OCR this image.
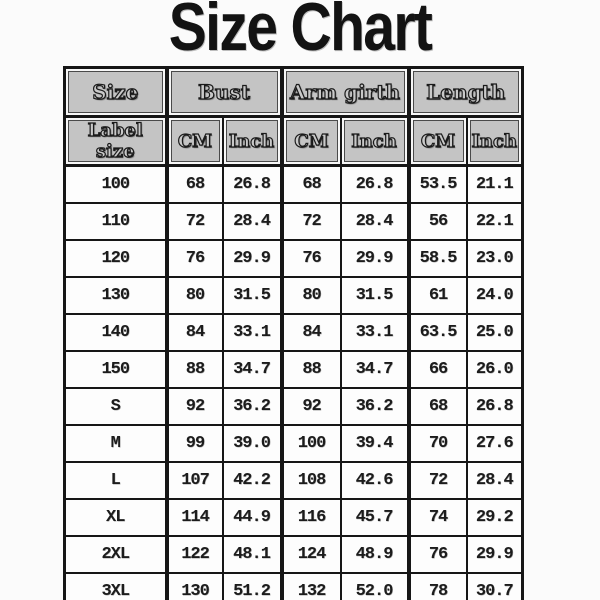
Size Chart
Size	Bust		Arm girth		Length	
Label size	CM	Inch	CM	Inch	CM	Inch
100	68	26.8	68	26.8	53.5	21.1
110	72	28.4	72	28.4	56	22.1
120	76	29.9	76	29.9	58.5	23.0
130	80	31.5	80	31.5	61	24.0
140	84	33.1	84	33.1	63.5	25.0
150	88	34.7	88	34.7	66	26.0
S	92	36.2	92	36.2	68	26.8
M	99	39.0	100	39.4	70	27.6
L	107	42.2	108	42.6	72	28.4
XL	114	44.9	116	45.7	74	29.2
2XL	122	48.1	124	48.9	76	29.9
3XL	130	51.2	132	52.0	78	30.7
